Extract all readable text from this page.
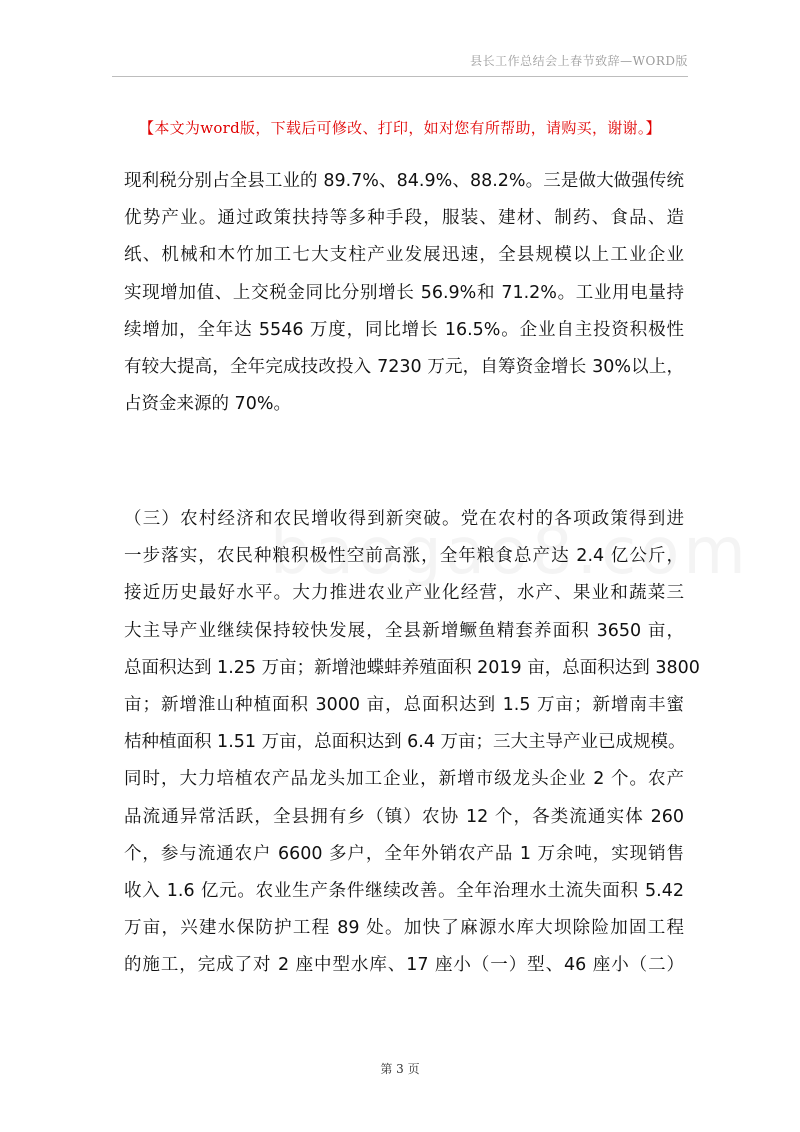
县长工作总结会上春节致辞—WORD版
【本文为word版，下载后可修改、打印，如对您有所帮助，请购买，谢谢。】
现利税分别占全县工业的 89.7%、84.9%、88.2%。三是做大做强传统
优势产业。通过政策扶持等多种手段，服装、建材、制药、食品、造
纸、机械和木竹加工七大支柱产业发展迅速，全县规模以上工业企业
实现增加值、上交税金同比分别增长 56.9%和 71.2%。工业用电量持
续增加，全年达 5546 万度，同比增长 16.5%。企业自主投资积极性
有较大提高，全年完成技改投入 7230 万元，自筹资金增长 30%以上，
占资金来源的 70%。
（三）农村经济和农民增收得到新突破。党在农村的各项政策得到进
一步落实，农民种粮积极性空前高涨，全年粮食总产达 2.4 亿公斤，
接近历史最好水平。大力推进农业产业化经营，水产、果业和蔬菜三
大主导产业继续保持较快发展，全县新增鳜鱼精套养面积 3650 亩，
总面积达到 1.25 万亩；新增池蝶蚌养殖面积 2019 亩，总面积达到 3800
亩；新增淮山种植面积 3000 亩，总面积达到 1.5 万亩；新增南丰蜜
桔种植面积 1.51 万亩，总面积达到 6.4 万亩；三大主导产业已成规模。
同时，大力培植农产品龙头加工企业，新增市级龙头企业 2 个。农产
品流通异常活跃，全县拥有乡（镇）农协 12 个，各类流通实体 260
个，参与流通农户 6600 多户，全年外销农产品 1 万余吨，实现销售
收入 1.6 亿元。农业生产条件继续改善。全年治理水土流失面积 5.42
万亩，兴建水保防护工程 89 处。加快了麻源水库大坝除险加固工程
的施工，完成了对 2 座中型水库、17 座小（一）型、46 座小（二）
第 3 页
